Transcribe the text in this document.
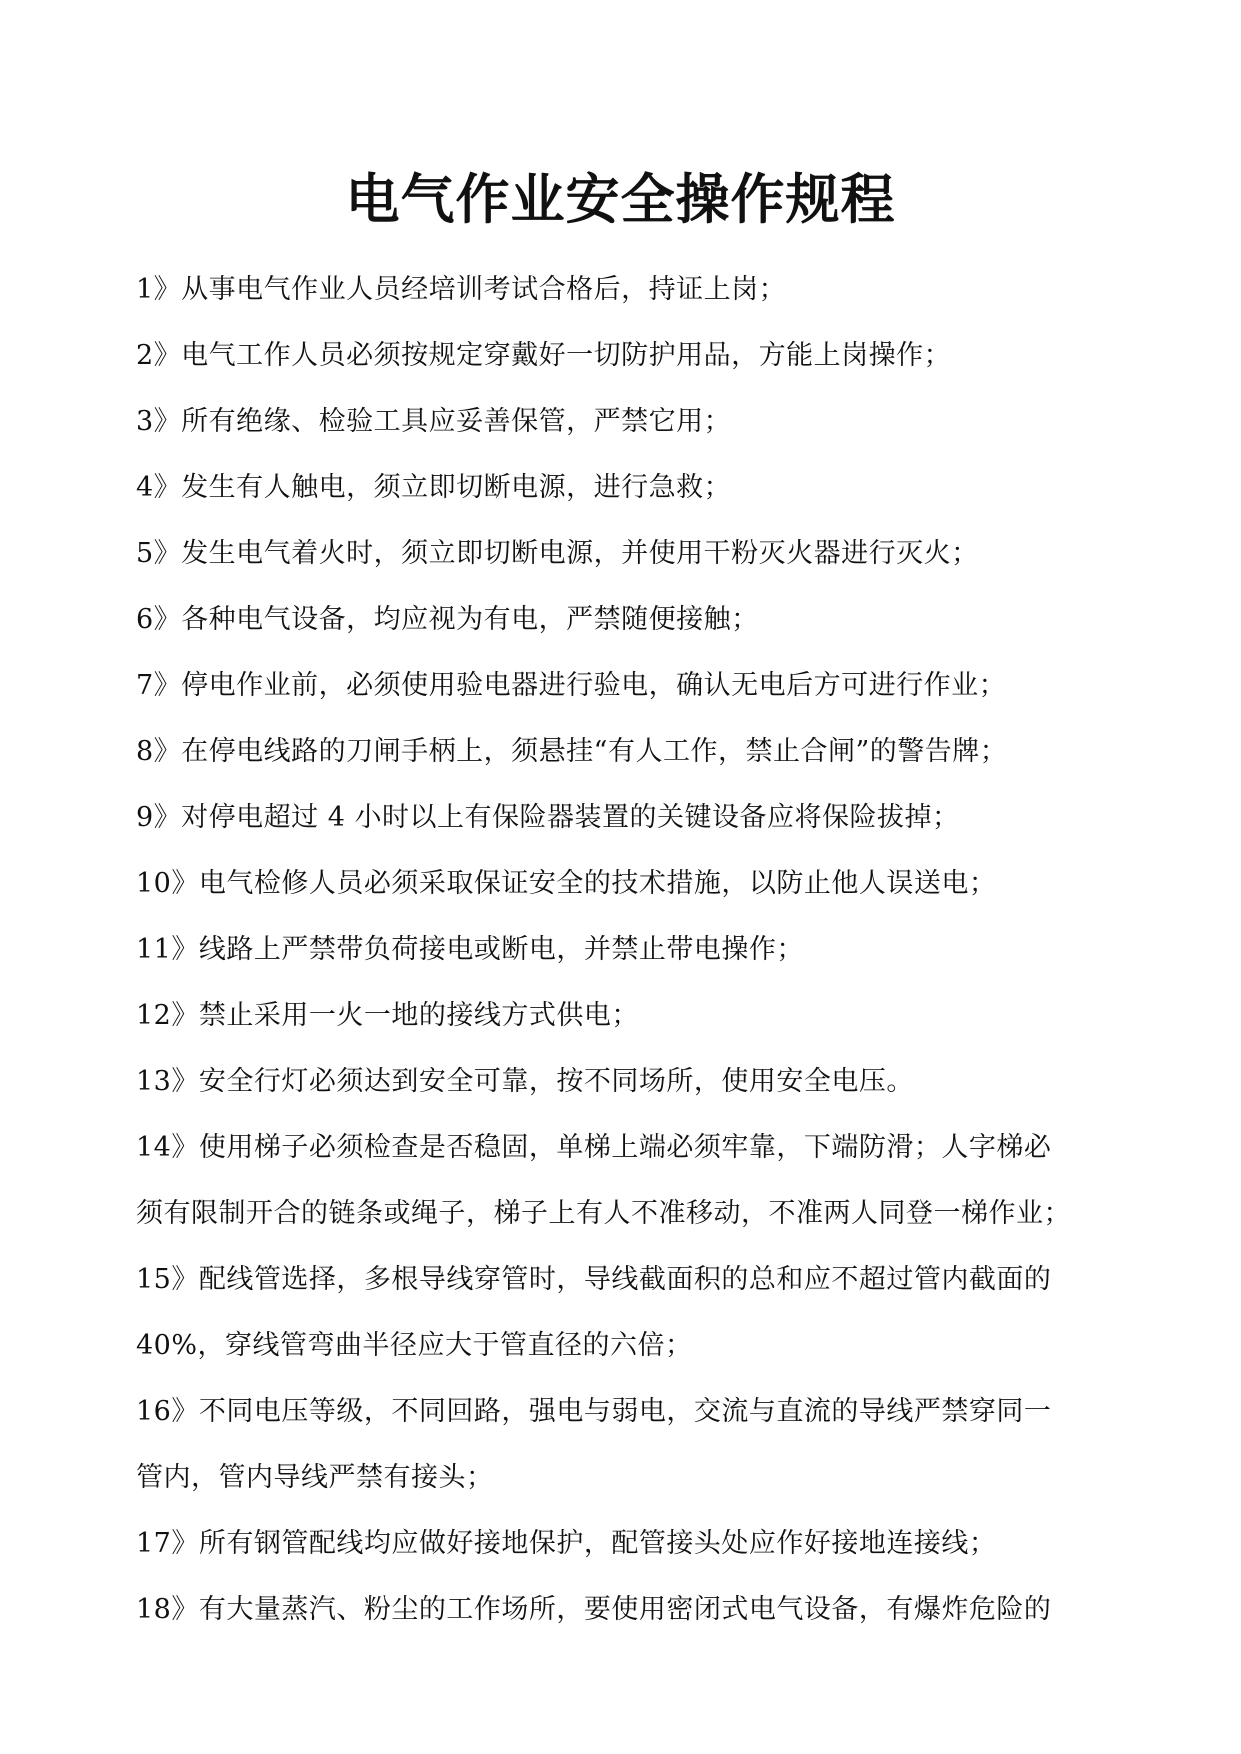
电气作业安全操作规程
1》从事电气作业人员经培训考试合格后，持证上岗；
2》电气工作人员必须按规定穿戴好一切防护用品，方能上岗操作；
3》所有绝缘、检验工具应妥善保管，严禁它用；
4》发生有人触电，须立即切断电源，进行急救；
5》发生电气着火时，须立即切断电源，并使用干粉灭火器进行灭火；
6》各种电气设备，均应视为有电，严禁随便接触；
7》停电作业前，必须使用验电器进行验电，确认无电后方可进行作业；
8》在停电线路的刀闸手柄上，须悬挂“有人工作，禁止合闸”的警告牌；
9》对停电超过 4 小时以上有保险器装置的关键设备应将保险拔掉；
10》电气检修人员必须采取保证安全的技术措施，以防止他人误送电；
11》线路上严禁带负荷接电或断电，并禁止带电操作；
12》禁止采用一火一地的接线方式供电；
13》安全行灯必须达到安全可靠，按不同场所，使用安全电压。
14》使用梯子必须检查是否稳固，单梯上端必须牢靠，下端防滑；人字梯必
须有限制开合的链条或绳子，梯子上有人不准移动，不准两人同登一梯作业；
15》配线管选择，多根导线穿管时，导线截面积的总和应不超过管内截面的
40%，穿线管弯曲半径应大于管直径的六倍；
16》不同电压等级，不同回路，强电与弱电，交流与直流的导线严禁穿同一
管内，管内导线严禁有接头；
17》所有钢管配线均应做好接地保护，配管接头处应作好接地连接线；
18》有大量蒸汽、粉尘的工作场所，要使用密闭式电气设备，有爆炸危险的
